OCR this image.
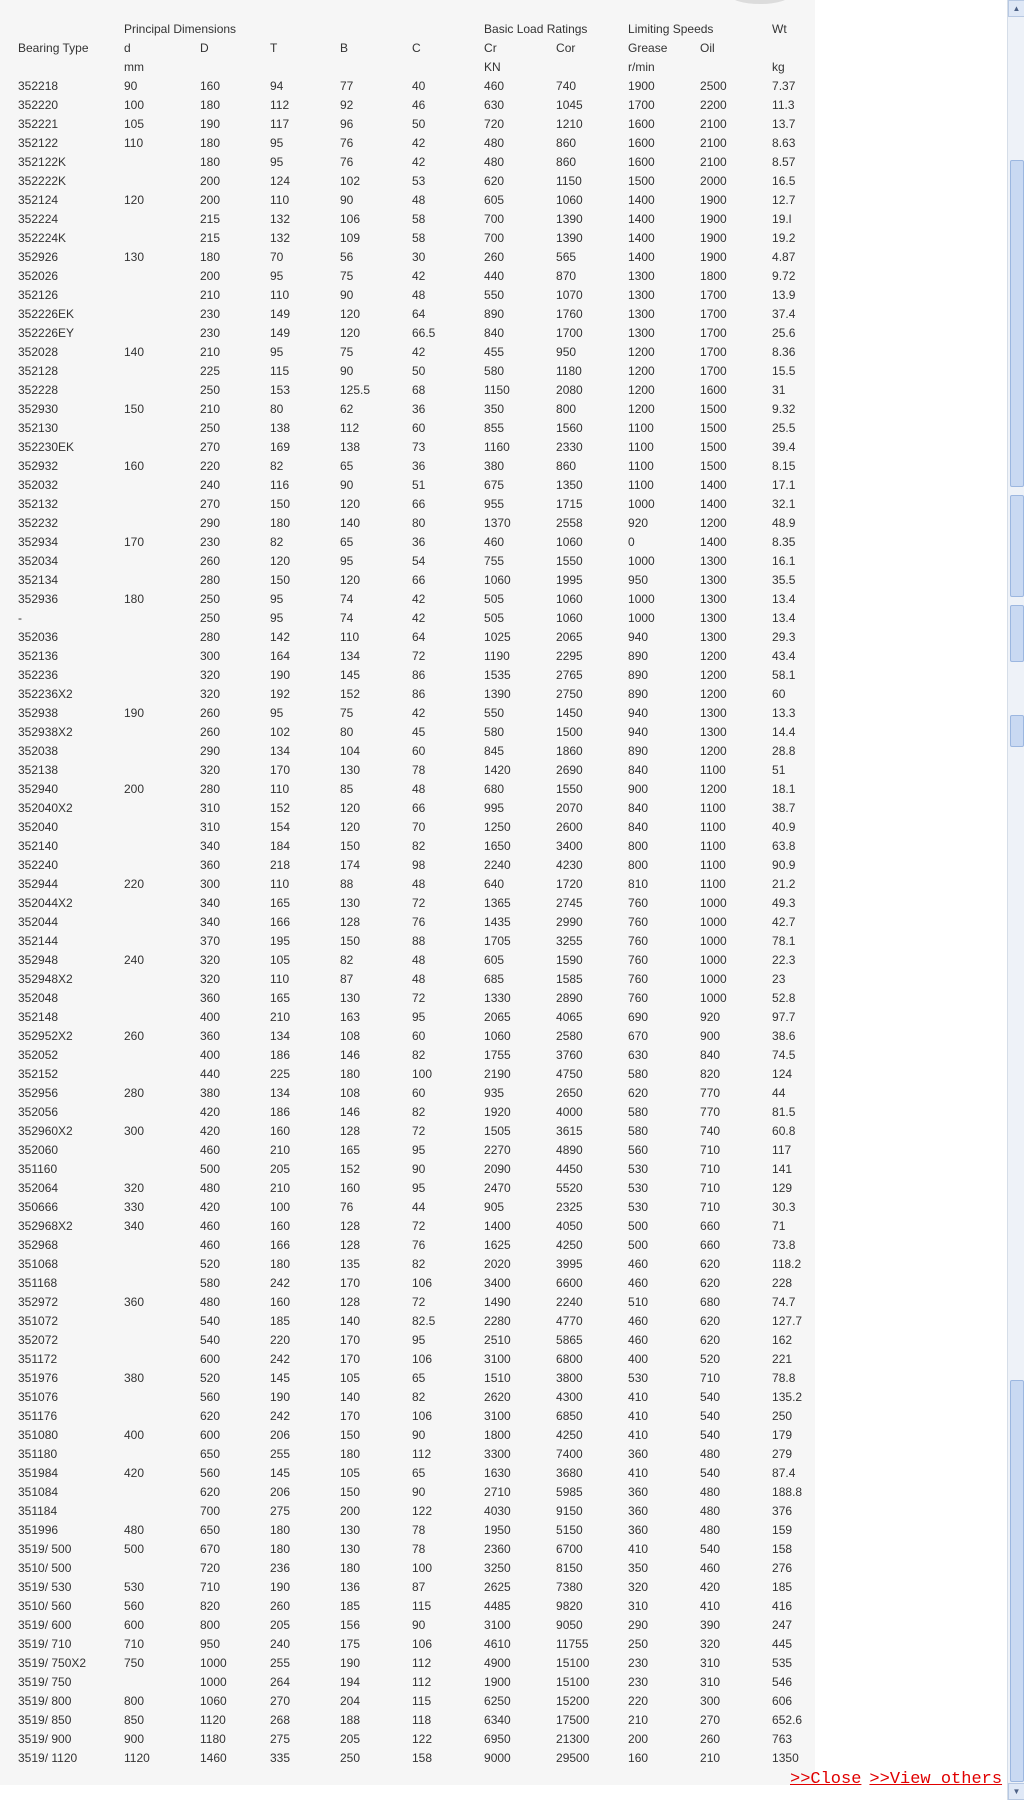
	Principal Dimensions					Basic Load Ratings		Limiting Speeds		Wt
Bearing Type	d	D	T	B	C	Cr	Cor	Grease	Oil	
	mm					KN		r/min		kg
352218	90	160	94	77	40	460	740	1900	2500	7.37
352220	100	180	112	92	46	630	1045	1700	2200	11.3
352221	105	190	117	96	50	720	1210	1600	2100	13.7
352122	110	180	95	76	42	480	860	1600	2100	8.63
352122K		180	95	76	42	480	860	1600	2100	8.57
352222K		200	124	102	53	620	1150	1500	2000	16.5
352124	120	200	110	90	48	605	1060	1400	1900	12.7
352224		215	132	106	58	700	1390	1400	1900	19.l
352224K		215	132	109	58	700	1390	1400	1900	19.2
352926	130	180	70	56	30	260	565	1400	1900	4.87
352026		200	95	75	42	440	870	1300	1800	9.72
352126		210	110	90	48	550	1070	1300	1700	13.9
352226EK		230	149	120	64	890	1760	1300	1700	37.4
352226EY		230	149	120	66.5	840	1700	1300	1700	25.6
352028	140	210	95	75	42	455	950	1200	1700	8.36
352128		225	115	90	50	580	1180	1200	1700	15.5
352228		250	153	125.5	68	1150	2080	1200	1600	31
352930	150	210	80	62	36	350	800	1200	1500	9.32
352130		250	138	112	60	855	1560	1100	1500	25.5
352230EK		270	169	138	73	1160	2330	1100	1500	39.4
352932	160	220	82	65	36	380	860	1100	1500	8.15
352032		240	116	90	51	675	1350	1100	1400	17.1
352132		270	150	120	66	955	1715	1000	1400	32.1
352232		290	180	140	80	1370	2558	920	1200	48.9
352934	170	230	82	65	36	460	1060	0	1400	8.35
352034		260	120	95	54	755	1550	1000	1300	16.1
352134		280	150	120	66	1060	1995	950	1300	35.5
352936	180	250	95	74	42	505	1060	1000	1300	13.4
-		250	95	74	42	505	1060	1000	1300	13.4
352036		280	142	110	64	1025	2065	940	1300	29.3
352136		300	164	134	72	1190	2295	890	1200	43.4
352236		320	190	145	86	1535	2765	890	1200	58.1
352236X2		320	192	152	86	1390	2750	890	1200	60
352938	190	260	95	75	42	550	1450	940	1300	13.3
352938X2		260	102	80	45	580	1500	940	1300	14.4
352038		290	134	104	60	845	1860	890	1200	28.8
352138		320	170	130	78	1420	2690	840	1100	51
352940	200	280	110	85	48	680	1550	900	1200	18.1
352040X2		310	152	120	66	995	2070	840	1100	38.7
352040		310	154	120	70	1250	2600	840	1100	40.9
352140		340	184	150	82	1650	3400	800	1100	63.8
352240		360	218	174	98	2240	4230	800	1100	90.9
352944	220	300	110	88	48	640	1720	810	1100	21.2
352044X2		340	165	130	72	1365	2745	760	1000	49.3
352044		340	166	128	76	1435	2990	760	1000	42.7
352144		370	195	150	88	1705	3255	760	1000	78.1
352948	240	320	105	82	48	605	1590	760	1000	22.3
352948X2		320	110	87	48	685	1585	760	1000	23
352048		360	165	130	72	1330	2890	760	1000	52.8
352148		400	210	163	95	2065	4065	690	920	97.7
352952X2	260	360	134	108	60	1060	2580	670	900	38.6
352052		400	186	146	82	1755	3760	630	840	74.5
352152		440	225	180	100	2190	4750	580	820	124
352956	280	380	134	108	60	935	2650	620	770	44
352056		420	186	146	82	1920	4000	580	770	81.5
352960X2	300	420	160	128	72	1505	3615	580	740	60.8
352060		460	210	165	95	2270	4890	560	710	117
351160		500	205	152	90	2090	4450	530	710	141
352064	320	480	210	160	95	2470	5520	530	710	129
350666	330	420	100	76	44	905	2325	530	710	30.3
352968X2	340	460	160	128	72	1400	4050	500	660	71
352968		460	166	128	76	1625	4250	500	660	73.8
351068		520	180	135	82	2020	3995	460	620	118.2
351168		580	242	170	106	3400	6600	460	620	228
352972	360	480	160	128	72	1490	2240	510	680	74.7
351072		540	185	140	82.5	2280	4770	460	620	127.7
352072		540	220	170	95	2510	5865	460	620	162
351172		600	242	170	106	3100	6800	400	520	221
351976	380	520	145	105	65	1510	3800	530	710	78.8
351076		560	190	140	82	2620	4300	410	540	135.2
351176		620	242	170	106	3100	6850	410	540	250
351080	400	600	206	150	90	1800	4250	410	540	179
351180		650	255	180	112	3300	7400	360	480	279
351984	420	560	145	105	65	1630	3680	410	540	87.4
351084		620	206	150	90	2710	5985	360	480	188.8
351184		700	275	200	122	4030	9150	360	480	376
351996	480	650	180	130	78	1950	5150	360	480	159
3519/ 500	500	670	180	130	78	2360	6700	410	540	158
3510/ 500		720	236	180	100	3250	8150	350	460	276
3519/ 530	530	710	190	136	87	2625	7380	320	420	185
3510/ 560	560	820	260	185	115	4485	9820	310	410	416
3519/ 600	600	800	205	156	90	3100	9050	290	390	247
3519/ 710	710	950	240	175	106	4610	11755	250	320	445
3519/ 750X2	750	1000	255	190	112	4900	15100	230	310	535
3519/ 750		1000	264	194	112	1900	15100	230	310	546
3519/ 800	800	1060	270	204	115	6250	15200	220	300	606
3519/ 850	850	1120	268	188	118	6340	17500	210	270	652.6
3519/ 900	900	1180	275	205	122	6950	21300	200	260	763
3519/ 1120	1120	1460	335	250	158	9000	29500	160	210	1350
▲
▼
>>Close >>View others
